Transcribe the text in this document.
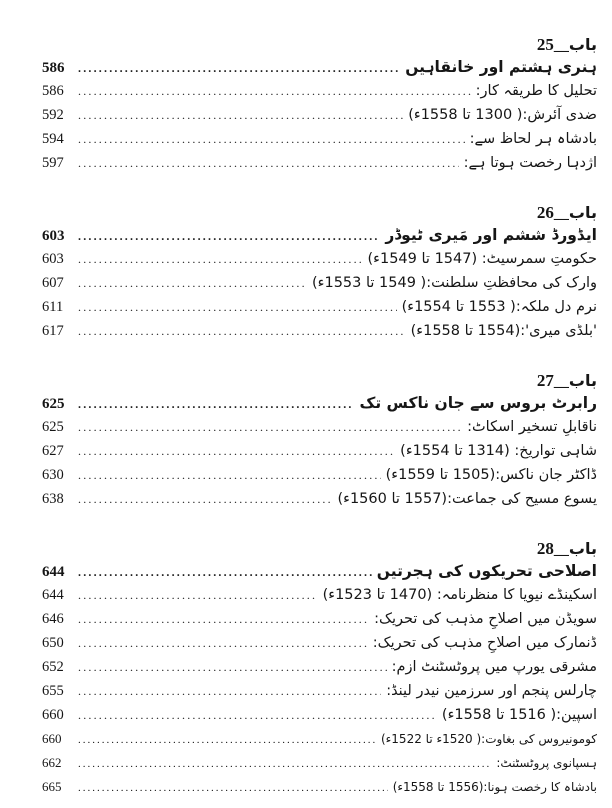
باب__25
586 .....	ہنری ہشتم اور خانقاہیں
586 .....	تحلیل کا طریقہ کار:
592 .....	ضدی آئرش:( 1300 تا 1558ء)
594 .....	بادشاہ ہر لحاظ سے:
597 .....	اژدہا رخصت ہوتا ہے:
باب__26
603 .....	ایڈورڈ ششم اور مَیری ٹیوڈر
603 .....	حکومتِ سمرسیٹ: (1547 تا 1549ء)
607 .....	وارک کی محافظتِ سلطنت:( 1549 تا 1553ء)
611 .....	نرم دل ملکہ:( 1553 تا 1554ء)
617 .....	'بلڈی میری':(1554 تا 1558ء)
باب__27
625 .....	رابرٹ بروس سے جان ناکس تک
625 .....	ناقابلِ تسخیر اسکاٹ:
627 .....	شاہی تواریخ: (1314 تا 1554ء)
630 .....	ڈاکٹر جان ناکس:(1505 تا 1559ء)
638 .....	یسوع مسیح کی جماعت:(1557 تا 1560ء)
باب__28
644 .....	اصلاحی تحریکوں کی ہجرتیں
644 .....	اسکینڈے نیویا کا منظرنامہ: (1470 تا 1523ء)
646 .....	سویڈن میں اصلاحِ مذہب کی تحریک:
650 .....	ڈنمارک میں اصلاحِ مذہب کی تحریک:
652 .....	مشرقی یورپ میں پروٹسٹنٹ ازم:
655 .....	چارلس پنجم اور سرزمین نیدر لینڈ:
660 .....	اسپین:( 1516 تا 1558ء)
660 .....	کومونیروس کی بغاوت:( 1520ء تا 1522ء)
662 .....	ہسپانوی پروٹسٹنٹ:
665 .....	بادشاہ کا رخصت ہونا:(1556 تا 1558ء)
